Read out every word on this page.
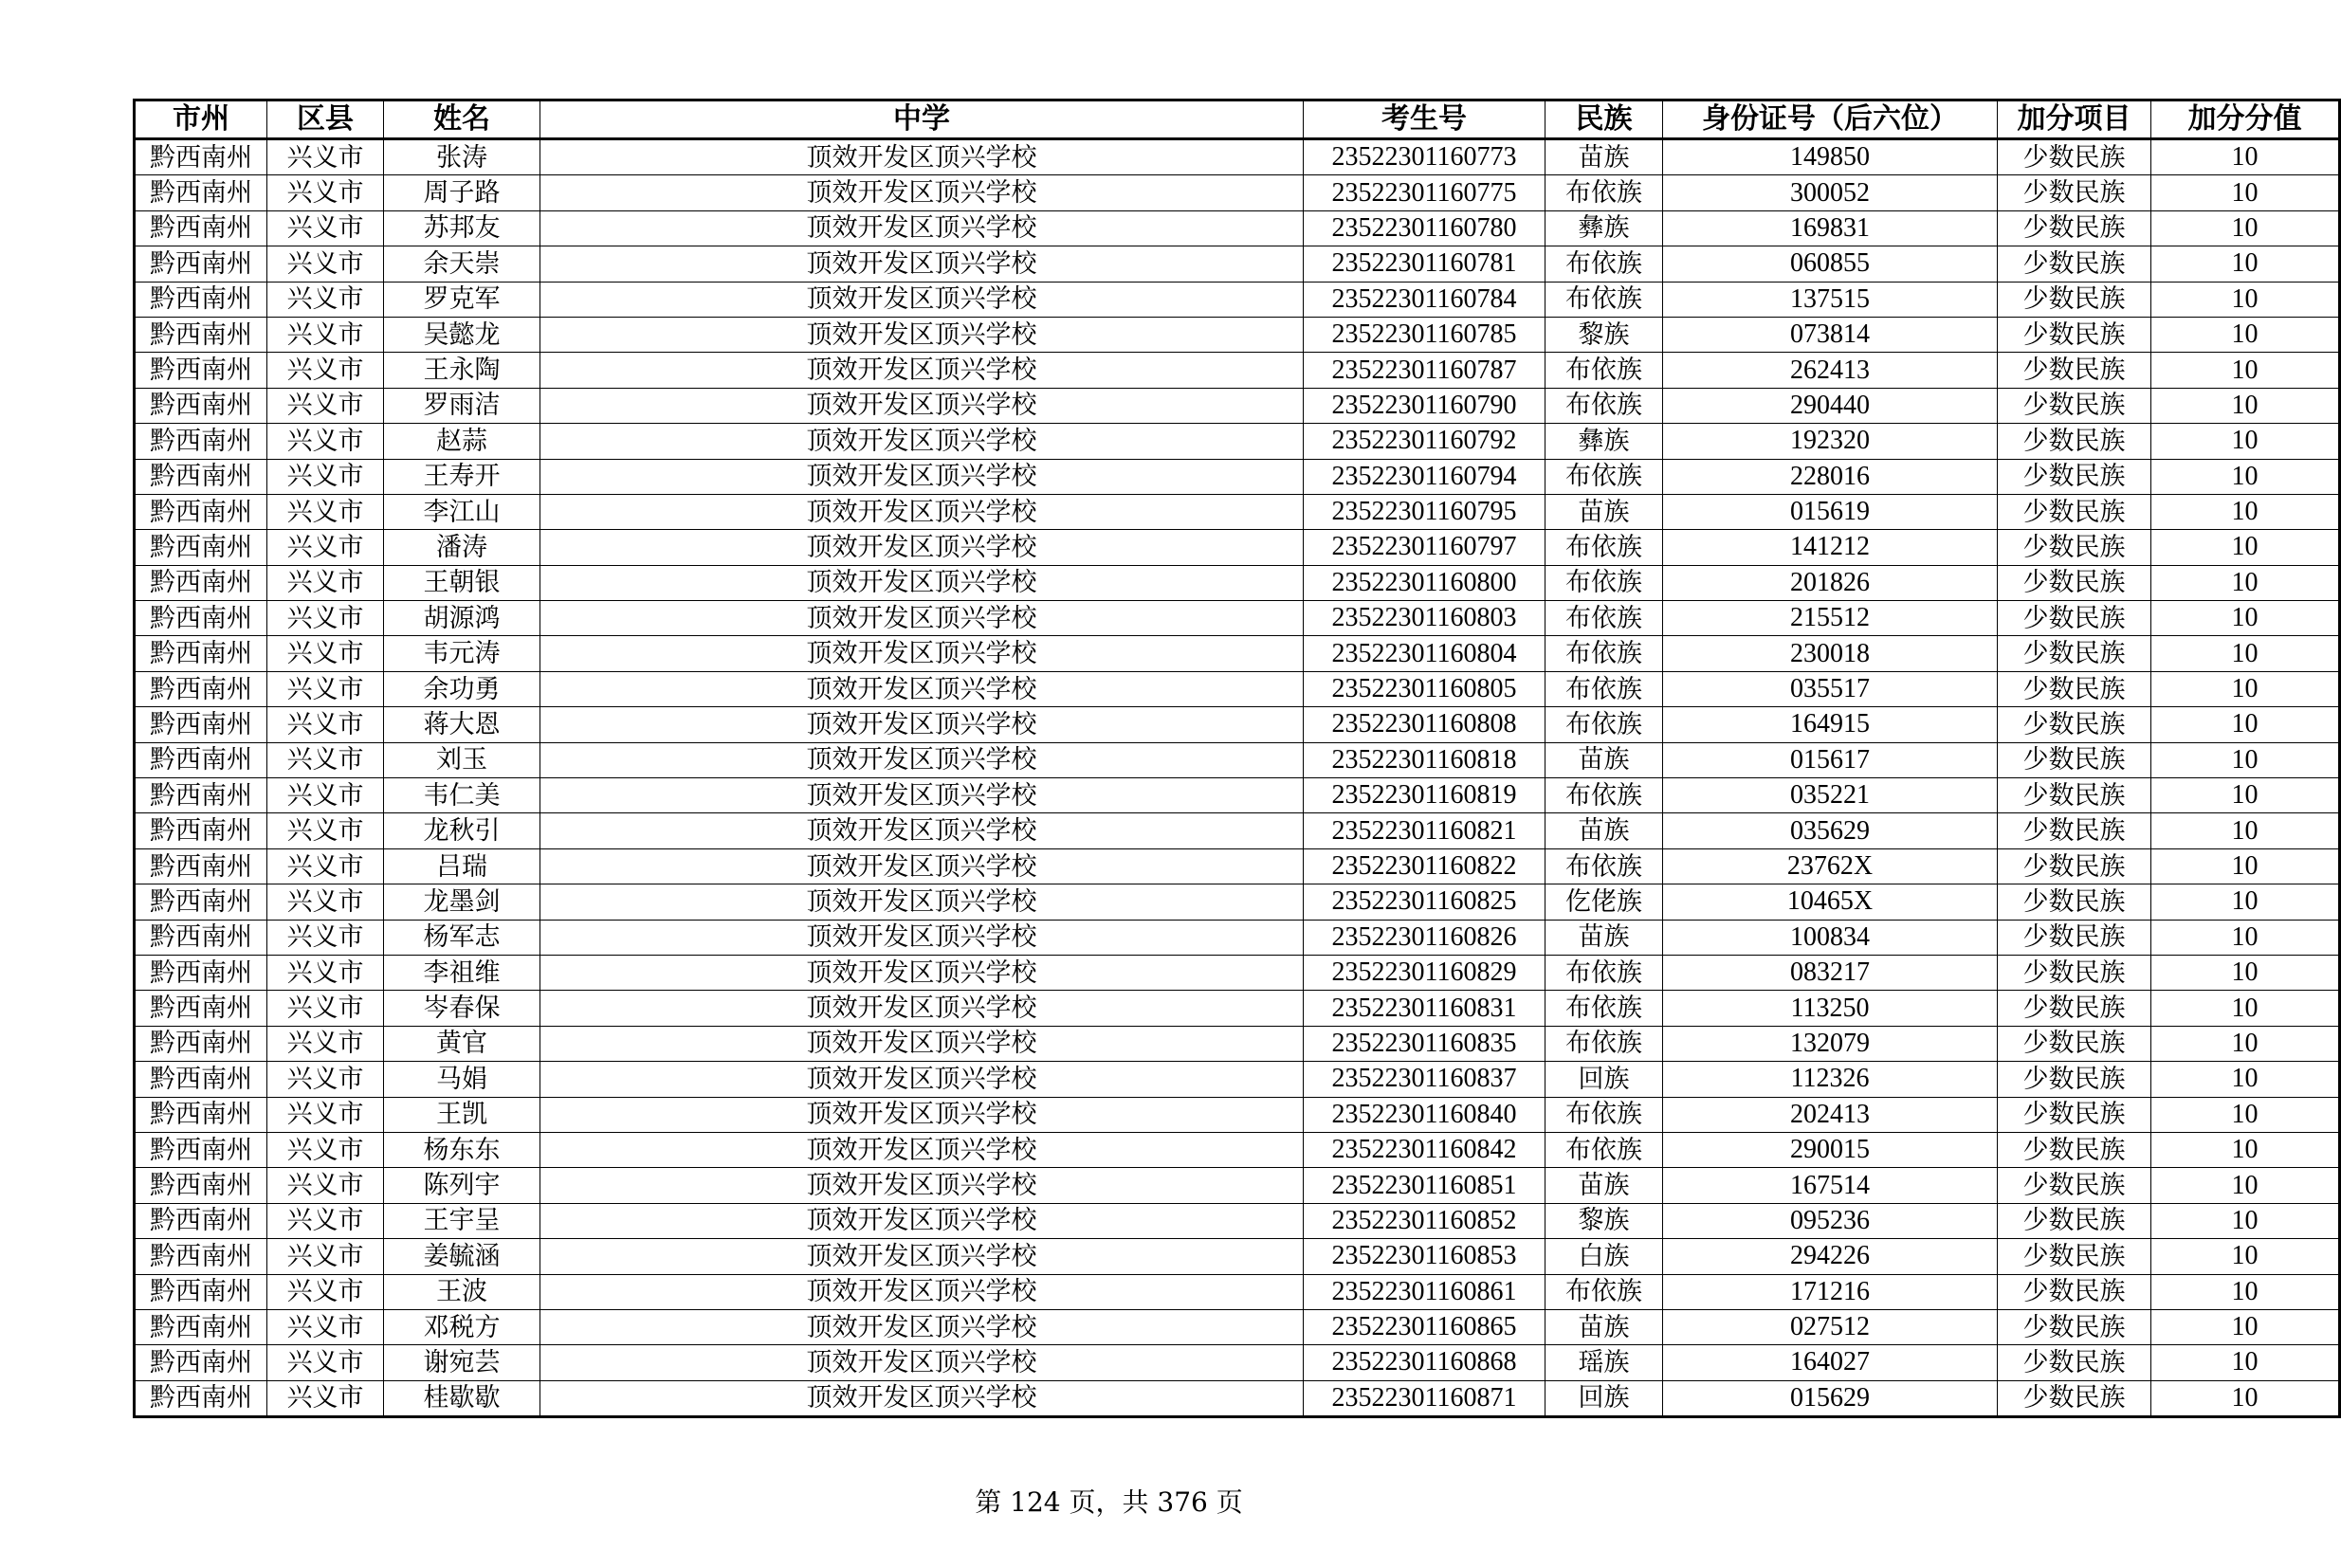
市州	区县	姓名	中学	考生号	民族	身份证号（后六位）	加分项目	加分分值
黔西南州	兴义市	张涛	顶效开发区顶兴学校	23522301160773	苗族	149850	少数民族	10
黔西南州	兴义市	周子路	顶效开发区顶兴学校	23522301160775	布依族	300052	少数民族	10
黔西南州	兴义市	苏邦友	顶效开发区顶兴学校	23522301160780	彝族	169831	少数民族	10
黔西南州	兴义市	余天崇	顶效开发区顶兴学校	23522301160781	布依族	060855	少数民族	10
黔西南州	兴义市	罗克军	顶效开发区顶兴学校	23522301160784	布依族	137515	少数民族	10
黔西南州	兴义市	吴懿龙	顶效开发区顶兴学校	23522301160785	黎族	073814	少数民族	10
黔西南州	兴义市	王永陶	顶效开发区顶兴学校	23522301160787	布依族	262413	少数民族	10
黔西南州	兴义市	罗雨洁	顶效开发区顶兴学校	23522301160790	布依族	290440	少数民族	10
黔西南州	兴义市	赵蒜	顶效开发区顶兴学校	23522301160792	彝族	192320	少数民族	10
黔西南州	兴义市	王寿开	顶效开发区顶兴学校	23522301160794	布依族	228016	少数民族	10
黔西南州	兴义市	李江山	顶效开发区顶兴学校	23522301160795	苗族	015619	少数民族	10
黔西南州	兴义市	潘涛	顶效开发区顶兴学校	23522301160797	布依族	141212	少数民族	10
黔西南州	兴义市	王朝银	顶效开发区顶兴学校	23522301160800	布依族	201826	少数民族	10
黔西南州	兴义市	胡源鸿	顶效开发区顶兴学校	23522301160803	布依族	215512	少数民族	10
黔西南州	兴义市	韦元涛	顶效开发区顶兴学校	23522301160804	布依族	230018	少数民族	10
黔西南州	兴义市	余功勇	顶效开发区顶兴学校	23522301160805	布依族	035517	少数民族	10
黔西南州	兴义市	蒋大恩	顶效开发区顶兴学校	23522301160808	布依族	164915	少数民族	10
黔西南州	兴义市	刘玉	顶效开发区顶兴学校	23522301160818	苗族	015617	少数民族	10
黔西南州	兴义市	韦仁美	顶效开发区顶兴学校	23522301160819	布依族	035221	少数民族	10
黔西南州	兴义市	龙秋引	顶效开发区顶兴学校	23522301160821	苗族	035629	少数民族	10
黔西南州	兴义市	吕瑞	顶效开发区顶兴学校	23522301160822	布依族	23762X	少数民族	10
黔西南州	兴义市	龙墨剑	顶效开发区顶兴学校	23522301160825	仡佬族	10465X	少数民族	10
黔西南州	兴义市	杨军志	顶效开发区顶兴学校	23522301160826	苗族	100834	少数民族	10
黔西南州	兴义市	李祖维	顶效开发区顶兴学校	23522301160829	布依族	083217	少数民族	10
黔西南州	兴义市	岑春保	顶效开发区顶兴学校	23522301160831	布依族	113250	少数民族	10
黔西南州	兴义市	黄官	顶效开发区顶兴学校	23522301160835	布依族	132079	少数民族	10
黔西南州	兴义市	马娟	顶效开发区顶兴学校	23522301160837	回族	112326	少数民族	10
黔西南州	兴义市	王凯	顶效开发区顶兴学校	23522301160840	布依族	202413	少数民族	10
黔西南州	兴义市	杨东东	顶效开发区顶兴学校	23522301160842	布依族	290015	少数民族	10
黔西南州	兴义市	陈列宇	顶效开发区顶兴学校	23522301160851	苗族	167514	少数民族	10
黔西南州	兴义市	王宇呈	顶效开发区顶兴学校	23522301160852	黎族	095236	少数民族	10
黔西南州	兴义市	姜毓涵	顶效开发区顶兴学校	23522301160853	白族	294226	少数民族	10
黔西南州	兴义市	王波	顶效开发区顶兴学校	23522301160861	布依族	171216	少数民族	10
黔西南州	兴义市	邓税方	顶效开发区顶兴学校	23522301160865	苗族	027512	少数民族	10
黔西南州	兴义市	谢宛芸	顶效开发区顶兴学校	23522301160868	瑶族	164027	少数民族	10
黔西南州	兴义市	桂歇歇	顶效开发区顶兴学校	23522301160871	回族	015629	少数民族	10
第 124 页，共 376 页
